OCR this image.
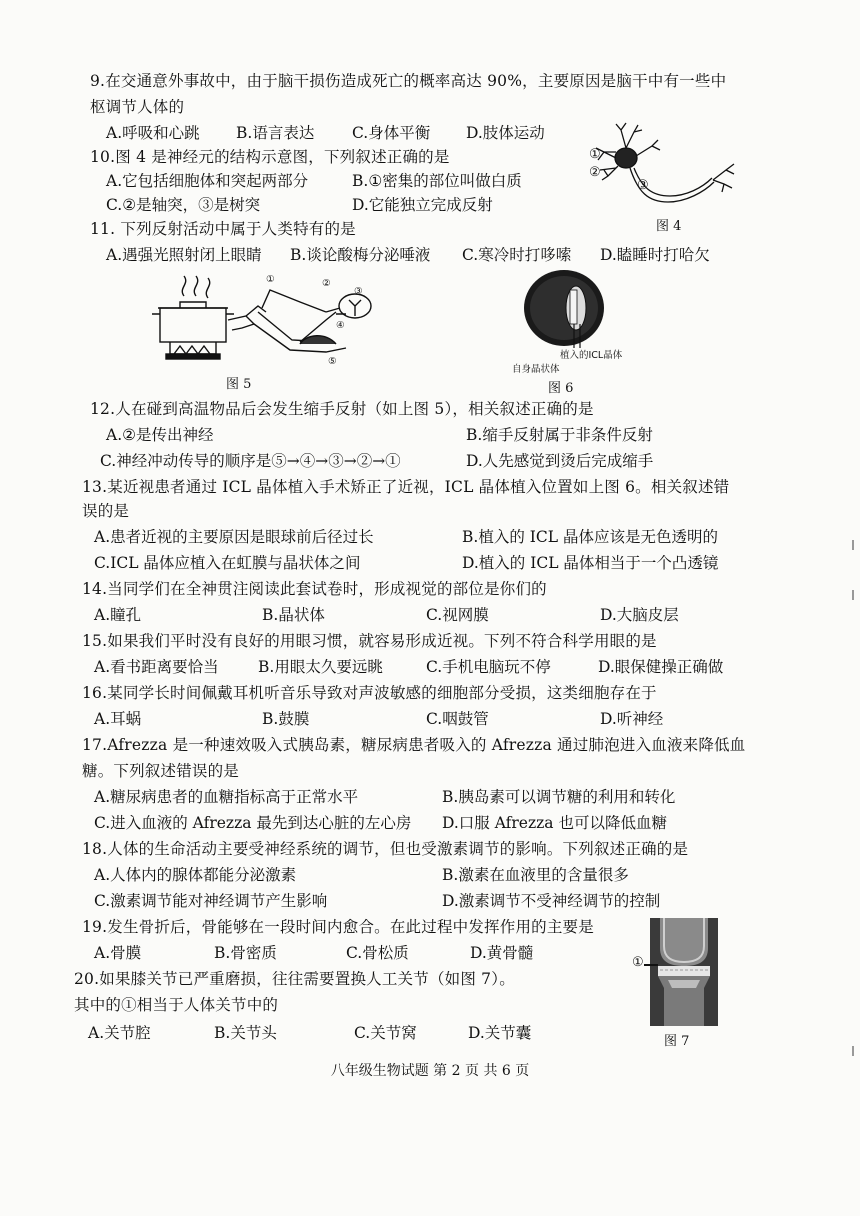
9.在交通意外事故中，由于脑干损伤造成死亡的概率高达 90%，主要原因是脑干中有一些中
枢调节人体的
A.呼吸和心跳 B.语言表达 C.身体平衡 D.肢体运动
10.图 4 是神经元的结构示意图，下列叙述正确的是
A.它包括细胞体和突起两部分	B.①密集的部位叫做白质
C.②是轴突，③是树突	D.它能独立完成反射
①
②
③
图 4
11. 下列反射活动中属于人类特有的是
A.遇强光照射闭上眼睛 B.谈论酸梅分泌唾液 C.寒冷时打哆嗦 D.瞌睡时打哈欠
①	②
③
④
⑤
图 5
植入的ICL晶体
自身晶状体
图 6
12.人在碰到高温物品后会发生缩手反射（如上图 5），相关叙述正确的是
A.②是传出神经	B.缩手反射属于非条件反射
C.神经冲动传导的顺序是⑤→④→③→②→①	D.人先感觉到烫后完成缩手
13.某近视患者通过 ICL 晶体植入手术矫正了近视，ICL 晶体植入位置如上图 6。相关叙述错
误的是
A.患者近视的主要原因是眼球前后径过长	B.植入的 ICL 晶体应该是无色透明的
C.ICL 晶体应植入在虹膜与晶状体之间	D.植入的 ICL 晶体相当于一个凸透镜
14.当同学们在全神贯注阅读此套试卷时，形成视觉的部位是你们的
A.瞳孔	B.晶状体	C.视网膜	D.大脑皮层
15.如果我们平时没有良好的用眼习惯，就容易形成近视。下列不符合科学用眼的是
A.看书距离要恰当	B.用眼太久要远眺	C.手机电脑玩不停	D.眼保健操正确做
16.某同学长时间佩戴耳机听音乐导致对声波敏感的细胞部分受损，这类细胞存在于
A.耳蜗	B.鼓膜	C.咽鼓管	D.听神经
17.Afrezza 是一种速效吸入式胰岛素，糖尿病患者吸入的 Afrezza 通过肺泡进入血液来降低血
糖。下列叙述错误的是
A.糖尿病患者的血糖指标高于正常水平	B.胰岛素可以调节糖的利用和转化
C.进入血液的 Afrezza 最先到达心脏的左心房 D.口服 Afrezza 也可以降低血糖
18.人体的生命活动主要受神经系统的调节，但也受激素调节的影响。下列叙述正确的是
A.人体内的腺体都能分泌激素	B.激素在血液里的含量很多
C.激素调节能对神经调节产生影响	D.激素调节不受神经调节的控制
19.发生骨折后，骨能够在一段时间内愈合。在此过程中发挥作用的主要是
A.骨膜	B.骨密质	C.骨松质	D.黄骨髓
20.如果膝关节已严重磨损，往往需要置换人工关节（如图 7）。
其中的①相当于人体关节中的
A.关节腔	B.关节头	C.关节窝	D.关节囊
①
图 7
八年级生物试题 第 2 页 共 6 页
